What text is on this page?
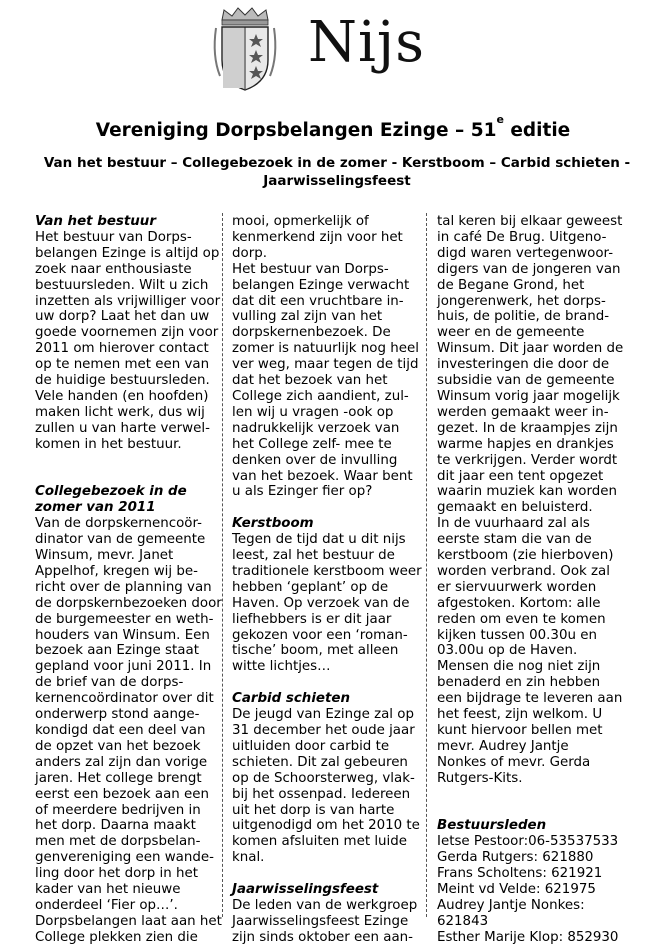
Nijs
Vereniging Dorpsbelangen Ezinge – 51e editie
Van het bestuur – Collegebezoek in de zomer - Kerstboom – Carbid schieten - Jaarwisselingsfeest
Van het bestuur

Het bestuur van Dorps-
belangen Ezinge is altijd op
zoek naar enthousiaste
bestuursleden. Wilt u zich
inzetten als vrijwilliger voor
uw dorp? Laat het dan uw
goede voornemen zijn voor
2011 om hierover contact
op te nemen met een van
de huidige bestuursleden.
Vele handen (en hoofden)
maken licht werk, dus wij
zullen u van harte verwel-
komen in het bestuur.

Collegebezoek in de
zomer van 2011

Van de dorpskernencoör-
dinator van de gemeente
Winsum, mevr. Janet
Appelhof, kregen wij be-
richt over de planning van
de dorpskernbezoeken door
de burgemeester en weth-
houders van Winsum. Een
bezoek aan Ezinge staat
gepland voor juni 2011. In
de brief van de dorps-
kernencoördinator over dit
onderwerp stond aange-
kondigd dat een deel van
de opzet van het bezoek
anders zal zijn dan vorige
jaren. Het college brengt
eerst een bezoek aan een
of meerdere bedrijven in
het dorp. Daarna maakt
men met de dorpsbelan-
genvereniging een wande-
ling door het dorp in het
kader van het nieuwe
onderdeel ‘Fier op…’.
Dorpsbelangen laat aan het
College plekken zien die

mooi, opmerkelijk of
kenmerkend zijn voor het
dorp.
Het bestuur van Dorps-
belangen Ezinge verwacht
dat dit een vruchtbare in-
vulling zal zijn van het
dorpskernenbezoek. De
zomer is natuurlijk nog heel
ver weg, maar tegen de tijd
dat het bezoek van het
College zich aandient, zul-
len wij u vragen -ook op
nadrukkelijk verzoek van
het College zelf- mee te
denken over de invulling
van het bezoek. Waar bent
u als Ezinger fier op?

Kerstboom

Tegen de tijd dat u dit nijs
leest, zal het bestuur de
traditionele kerstboom weer
hebben ‘geplant’ op de
Haven. Op verzoek van de
liefhebbers is er dit jaar
gekozen voor een ‘roman-
tische’ boom, met alleen
witte lichtjes…

Carbid schieten

De jeugd van Ezinge zal op
31 december het oude jaar
uitluiden door carbid te
schieten. Dit zal gebeuren
op de Schoorsterweg, vlak-
bij het ossenpad. Iedereen
uit het dorp is van harte
uitgenodigd om het 2010 te
komen afsluiten met luide
knal.

Jaarwisselingsfeest

De leden van de werkgroep
Jaarwisselingsfeest Ezinge
zijn sinds oktober een aan-

tal keren bij elkaar geweest
in café De Brug. Uitgeno-
digd waren vertegenwoor-
digers van de jongeren van
de Begane Grond, het
jongerenwerk, het dorps-
huis, de politie, de brand-
weer en de gemeente
Winsum. Dit jaar worden de
investeringen die door de
subsidie van de gemeente
Winsum vorig jaar mogelijk
werden gemaakt weer in-
gezet. In de kraampjes zijn
warme hapjes en drankjes
te verkrijgen. Verder wordt
dit jaar een tent opgezet
waarin muziek kan worden
gemaakt en beluisterd.
In de vuurhaard zal als
eerste stam die van de
kerstboom (zie hierboven)
worden verbrand. Ook zal
er siervuurwerk worden
afgestoken. Kortom: alle
reden om even te komen
kijken tussen 00.30u en
03.00u op de Haven.
Mensen die nog niet zijn
benaderd en zin hebben
een bijdrage te leveren aan
het feest, zijn welkom. U
kunt hiervoor bellen met
mevr. Audrey Jantje
Nonkes of mevr. Gerda
Rutgers-Kits.

Bestuursleden

Ietse Pestoor:06-53537533
Gerda Rutgers: 621880
Frans Scholtens: 621921
Meint vd Velde: 621975
Audrey Jantje Nonkes:
621843
Esther Marije Klop: 852930
